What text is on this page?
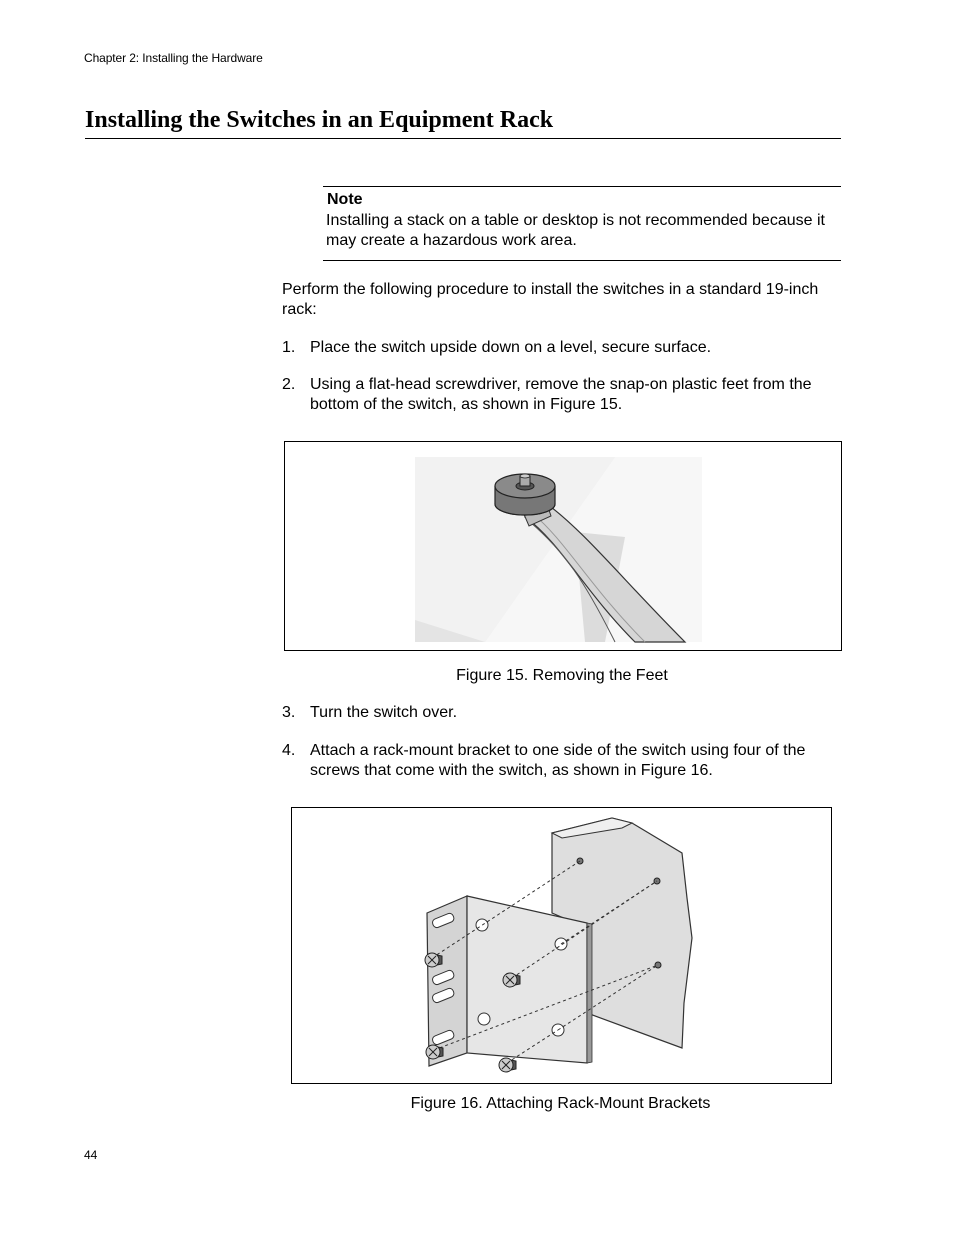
Chapter 2: Installing the Hardware
Installing the Switches in an Equipment Rack
Note
Installing a stack on a table or desktop is not recommended because it may create a hazardous work area.
Perform the following procedure to install the switches in a standard 19-inch rack:
1. Place the switch upside down on a level, secure surface.
2. Using a flat-head screwdriver, remove the snap-on plastic feet from the bottom of the switch, as shown in Figure 15.
Figure 15. Removing the Feet
3. Turn the switch over.
4. Attach a rack-mount bracket to one side of the switch using four of the screws that come with the switch, as shown in Figure 16.
Figure 16. Attaching Rack-Mount Brackets
44
